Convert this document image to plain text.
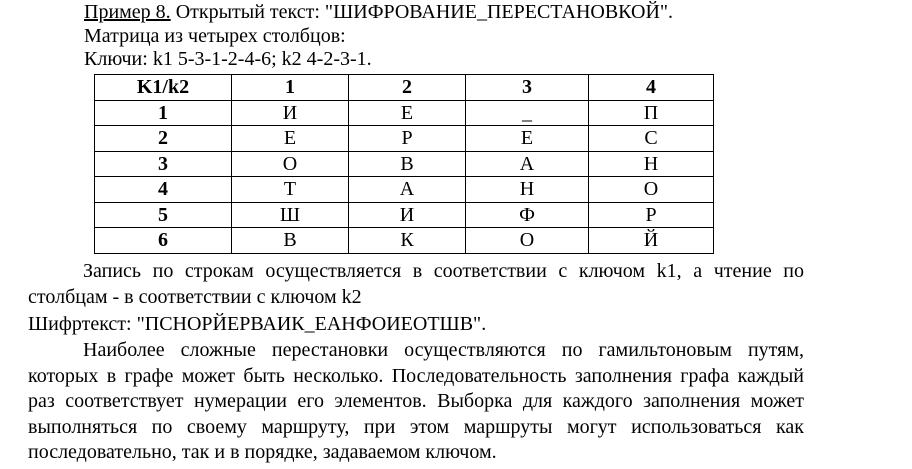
Пример 8. Открытый текст: "ШИФРОВАНИЕ_ПЕРЕСТАНОВКОЙ".
Матрица из четырех столбцов:
Ключи: k1 5-3-1-2-4-6; k2 4-2-3-1.
K1/k2	1	2	3	4
1	И	Е	_	П
2	Е	Р	Е	С
3	О	В	А	Н
4	Т	А	Н	О
5	Ш	И	Ф	Р
6	В	К	О	Й
Запись по строкам осуществляется в соответствии с ключом k1, а чтение по столбцам - в соответствии с ключом k2
Шифртекст: "ПСНОРЙЕРВАИК_ЕАНФОИЕОТШВ".
Наиболее сложные перестановки осуществляются по гамильтоновым путям, которых в графе может быть несколько. Последовательность заполнения графа каждый раз соответствует нумерации его элементов. Выборка для каждого заполнения может выполняться по своему маршруту, при этом маршруты могут использоваться как последовательно, так и в порядке, задаваемом ключом.
